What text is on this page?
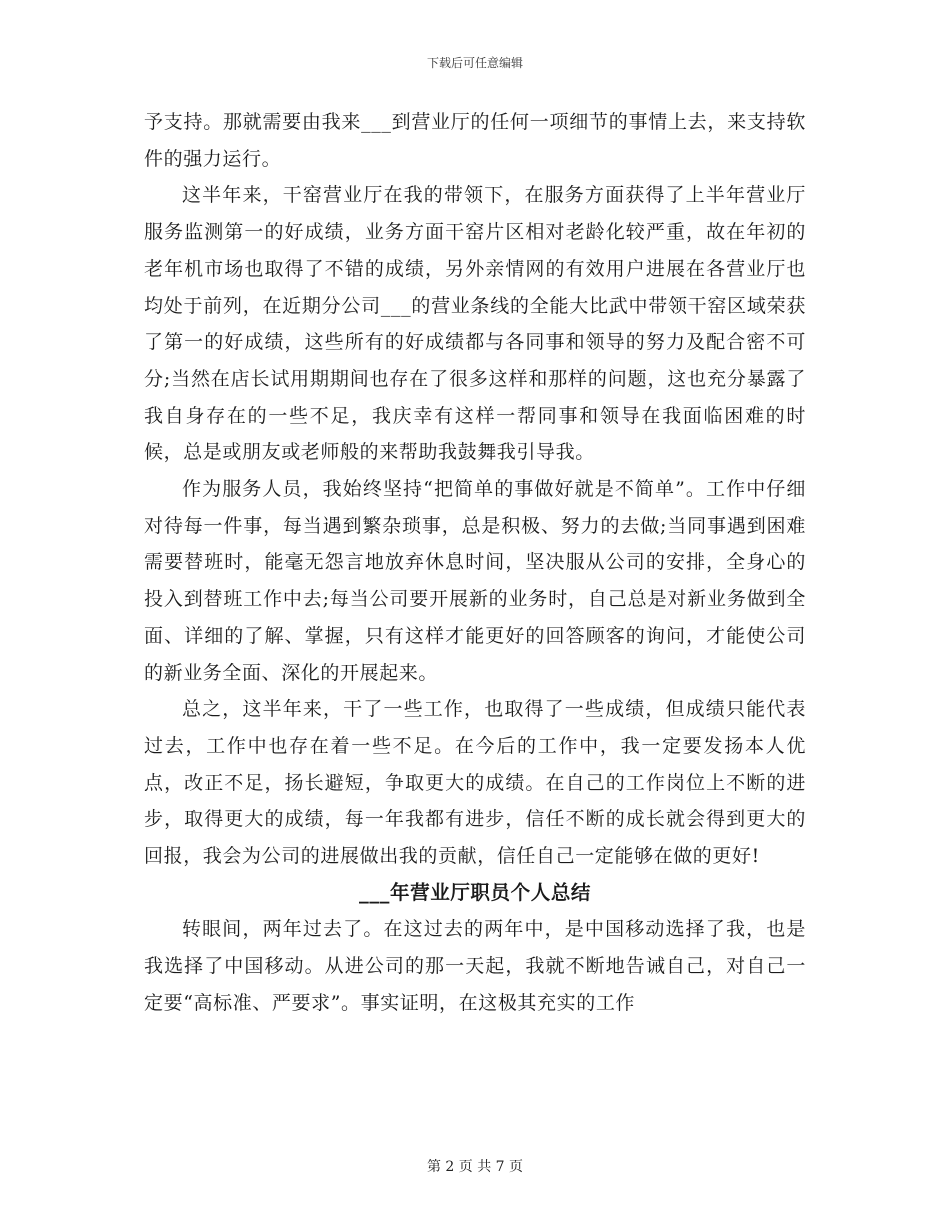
下载后可任意编辑

予支持。那就需要由我来___到营业厅的任何一项细节的事情上去，来支持软件的强力运行。

这半年来，干窑营业厅在我的带领下，在服务方面获得了上半年营业厅服务监测第一的好成绩，业务方面干窑片区相对老龄化较严重，故在年初的老年机市场也取得了不错的成绩，另外亲情网的有效用户进展在各营业厅也均处于前列，在近期分公司___的营业条线的全能大比武中带领干窑区域荣获了第一的好成绩，这些所有的好成绩都与各同事和领导的努力及配合密不可分;当然在店长试用期期间也存在了很多这样和那样的问题，这也充分暴露了我自身存在的一些不足，我庆幸有这样一帮同事和领导在我面临困难的时候，总是或朋友或老师般的来帮助我鼓舞我引导我。

作为服务人员，我始终坚持“把简单的事做好就是不简单”。工作中仔细对待每一件事，每当遇到繁杂琐事，总是积极、努力的去做;当同事遇到困难需要替班时，能毫无怨言地放弃休息时间，坚决服从公司的安排，全身心的投入到替班工作中去;每当公司要开展新的业务时，自己总是对新业务做到全面、详细的了解、掌握，只有这样才能更好的回答顾客的询问，才能使公司的新业务全面、深化的开展起来。

总之，这半年来，干了一些工作，也取得了一些成绩，但成绩只能代表过去，工作中也存在着一些不足。在今后的工作中，我一定要发扬本人优点，改正不足，扬长避短，争取更大的成绩。在自己的工作岗位上不断的进步，取得更大的成绩，每一年我都有进步，信任不断的成长就会得到更大的回报，我会为公司的进展做出我的贡献，信任自己一定能够在做的更好!

___年营业厅职员个人总结

转眼间，两年过去了。在这过去的两年中，是中国移动选择了我，也是我选择了中国移动。从进公司的那一天起，我就不断地告诫自己，对自己一定要“高标准、严要求”。事实证明，在这极其充实的工作

第 2 页 共 7 页
